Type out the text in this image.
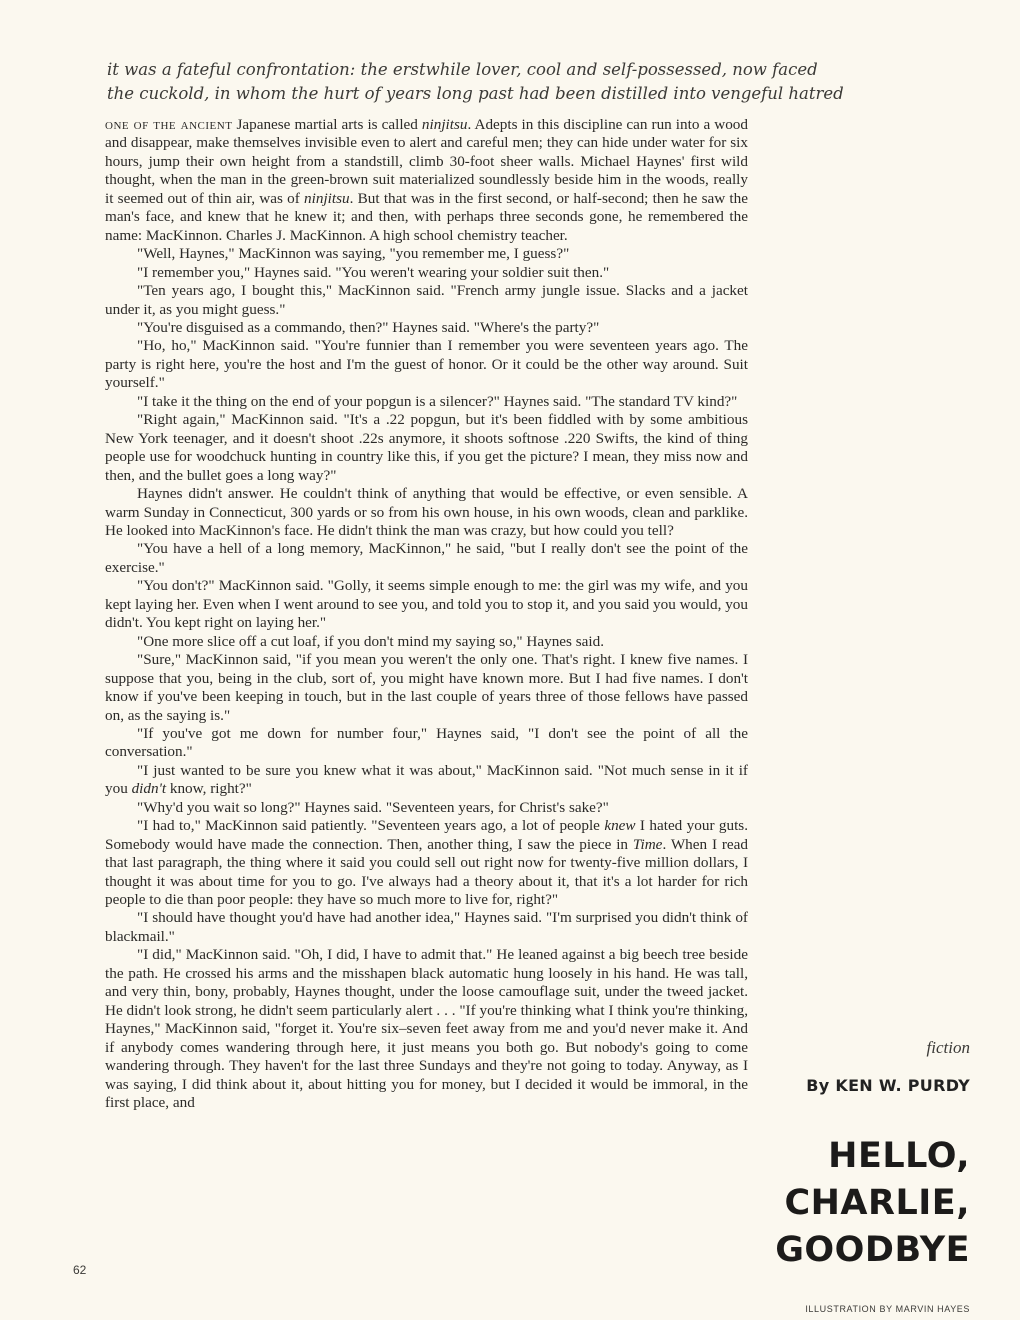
it was a fateful confrontation: the erstwhile lover, cool and self-possessed, now faced
the cuckold, in whom the hurt of years long past had been distilled into vengeful hatred

one of the ancient Japanese martial arts is called ninjitsu. Adepts in this discipline can run into a wood and disappear, make themselves invisible even to alert and careful men; they can hide under water for six hours, jump their own height from a standstill, climb 30-foot sheer walls. Michael Haynes' first wild thought, when the man in the green-brown suit materialized soundlessly beside him in the woods, really it seemed out of thin air, was of ninjitsu. But that was in the first second, or half-second; then he saw the man's face, and knew that he knew it; and then, with perhaps three seconds gone, he remembered the name: MacKinnon. Charles J. MacKinnon. A high school chemistry teacher.

"Well, Haynes," MacKinnon was saying, "you remember me, I guess?"

"I remember you," Haynes said. "You weren't wearing your soldier suit then."

"Ten years ago, I bought this," MacKinnon said. "French army jungle issue. Slacks and a jacket under it, as you might guess."

"You're disguised as a commando, then?" Haynes said. "Where's the party?"

"Ho, ho," MacKinnon said. "You're funnier than I remember you were seventeen years ago. The party is right here, you're the host and I'm the guest of honor. Or it could be the other way around. Suit yourself."

"I take it the thing on the end of your popgun is a silencer?" Haynes said. "The standard TV kind?"

"Right again," MacKinnon said. "It's a .22 popgun, but it's been fiddled with by some ambitious New York teenager, and it doesn't shoot .22s anymore, it shoots softnose .220 Swifts, the kind of thing people use for woodchuck hunting in country like this, if you get the picture? I mean, they miss now and then, and the bullet goes a long way?"

Haynes didn't answer. He couldn't think of anything that would be effective, or even sensible. A warm Sunday in Connecticut, 300 yards or so from his own house, in his own woods, clean and parklike. He looked into MacKinnon's face. He didn't think the man was crazy, but how could you tell?

"You have a hell of a long memory, MacKinnon," he said, "but I really don't see the point of the exercise."

"You don't?" MacKinnon said. "Golly, it seems simple enough to me: the girl was my wife, and you kept laying her. Even when I went around to see you, and told you to stop it, and you said you would, you didn't. You kept right on laying her."

"One more slice off a cut loaf, if you don't mind my saying so," Haynes said.

"Sure," MacKinnon said, "if you mean you weren't the only one. That's right. I knew five names. I suppose that you, being in the club, sort of, you might have known more. But I had five names. I don't know if you've been keeping in touch, but in the last couple of years three of those fellows have passed on, as the saying is."

"If you've got me down for number four," Haynes said, "I don't see the point of all the conversation."

"I just wanted to be sure you knew what it was about," MacKinnon said. "Not much sense in it if you didn't know, right?"

"Why'd you wait so long?" Haynes said. "Seventeen years, for Christ's sake?"

"I had to," MacKinnon said patiently. "Seventeen years ago, a lot of people knew I hated your guts. Somebody would have made the connection. Then, another thing, I saw the piece in Time. When I read that last paragraph, the thing where it said you could sell out right now for twenty-five million dollars, I thought it was about time for you to go. I've always had a theory about it, that it's a lot harder for rich people to die than poor people: they have so much more to live for, right?"

"I should have thought you'd have had another idea," Haynes said. "I'm surprised you didn't think of blackmail."

"I did," MacKinnon said. "Oh, I did, I have to admit that." He leaned against a big beech tree beside the path. He crossed his arms and the misshapen black automatic hung loosely in his hand. He was tall, and very thin, bony, probably, Haynes thought, under the loose camouflage suit, under the tweed jacket. He didn't look strong, he didn't seem particularly alert . . . "If you're thinking what I think you're thinking, Haynes," MacKinnon said, "forget it. You're six–seven feet away from me and you'd never make it. And if anybody comes wandering through here, it just means you both go. But nobody's going to come wandering through. They haven't for the last three Sundays and they're not going to today. Anyway, as I was saying, I did think about it, about hitting you for money, but I decided it would be immoral, in the first place, and

62
fiction
By KEN W. PURDY
HELLO,
CHARLIE,
GOODBYE
ILLUSTRATION BY MARVIN HAYES
